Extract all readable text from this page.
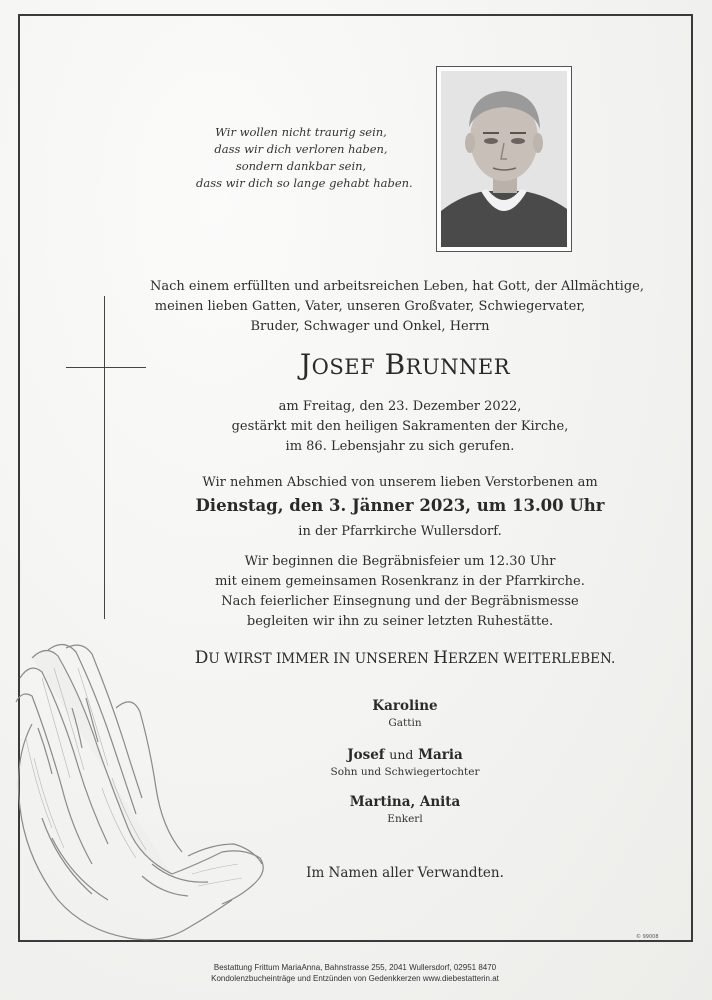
Wir wollen nicht traurig sein,
dass wir dich verloren haben,
sondern dankbar sein,
dass wir dich so lange gehabt haben.
Nach einem erfüllten und arbeitsreichen Leben, hat Gott, der Allmächtige,
meinen lieben Gatten, Vater, unseren Großvater, Schwiegervater,
Bruder, Schwager und Onkel, Herrn
JOSEF BRUNNER
am Freitag, den 23. Dezember 2022,
gestärkt mit den heiligen Sakramenten der Kirche,
im 86. Lebensjahr zu sich gerufen.
Wir nehmen Abschied von unserem lieben Verstorbenen am
Dienstag, den 3. Jänner 2023, um 13.00 Uhr
in der Pfarrkirche Wullersdorf.
Wir beginnen die Begräbnisfeier um 12.30 Uhr
mit einem gemeinsamen Rosenkranz in der Pfarrkirche.
Nach feierlicher Einsegnung und der Begräbnismesse
begleiten wir ihn zu seiner letzten Ruhestätte.
DU WIRST IMMER IN UNSEREN HERZEN WEITERLEBEN.
Karoline
Gattin
Josef und Maria
Sohn und Schwiegertochter
Martina, Anita
Enkerl
Im Namen aller Verwandten.
© 99008
Bestattung Frittum MariaAnna, Bahnstrasse 255, 2041 Wullersdorf, 02951 8470
Kondolenzbucheinträge und Entzünden von Gedenkkerzen www.diebestatterin.at
